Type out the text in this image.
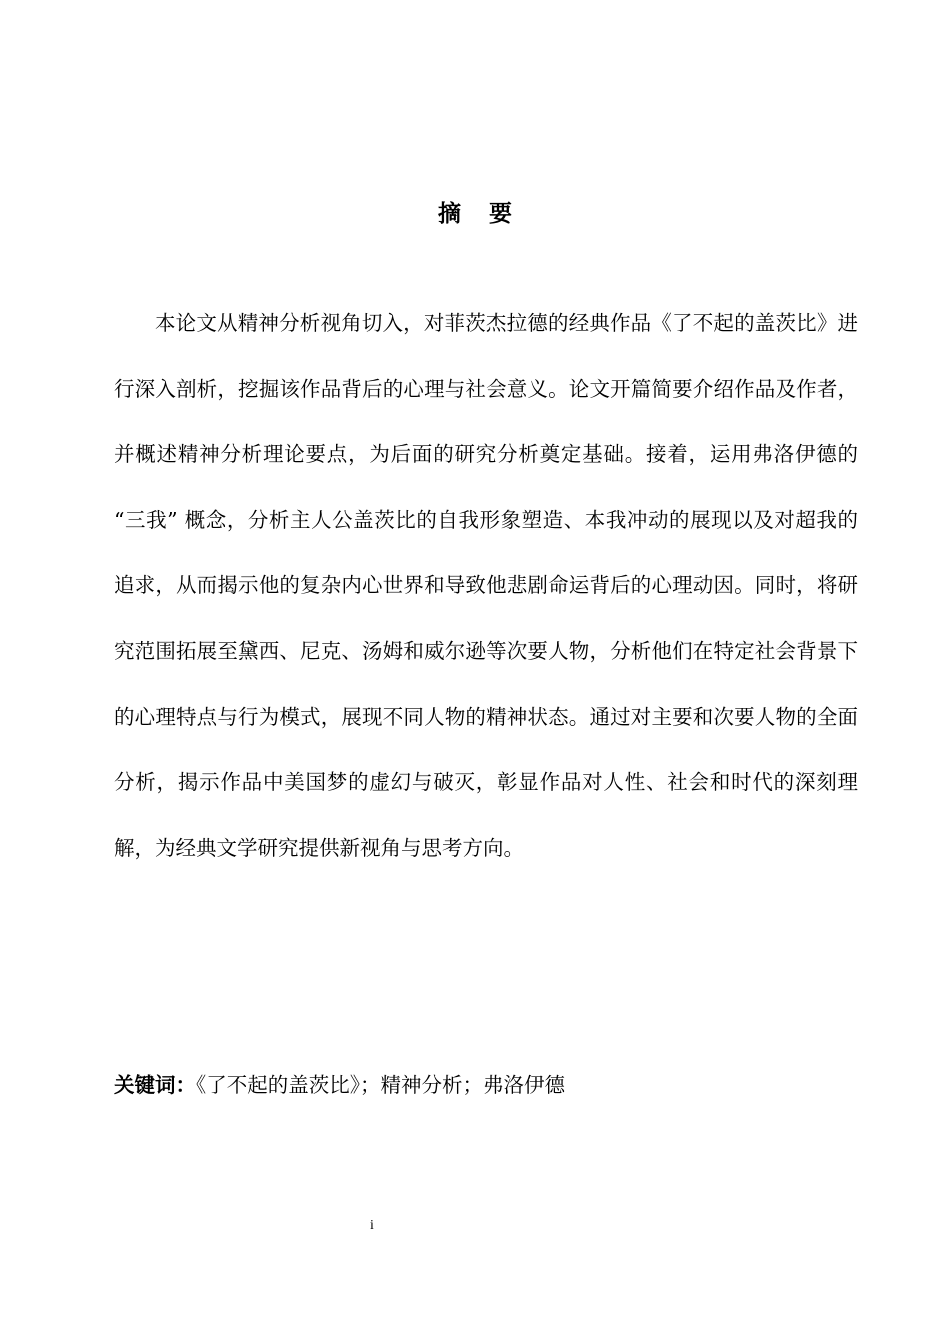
摘 要

本论文从精神分析视角切入，对菲茨杰拉德的经典作品《了不起的盖茨比》进行深入剖析，挖掘该作品背后的心理与社会意义。论文开篇简要介绍作品及作者，并概述精神分析理论要点，为后面的研究分析奠定基础。接着，运用弗洛伊德的 “三我” 概念，分析主人公盖茨比的自我形象塑造、本我冲动的展现以及对超我的追求，从而揭示他的复杂内心世界和导致他悲剧命运背后的心理动因。同时，将研究范围拓展至黛西、尼克、汤姆和威尔逊等次要人物，分析他们在特定社会背景下的心理特点与行为模式，展现不同人物的精神状态。通过对主要和次要人物的全面分析，揭示作品中美国梦的虚幻与破灭，彰显作品对人性、社会和时代的深刻理解，为经典文学研究提供新视角与思考方向。

关键词：《了不起的盖茨比》；精神分析；弗洛伊德
i
